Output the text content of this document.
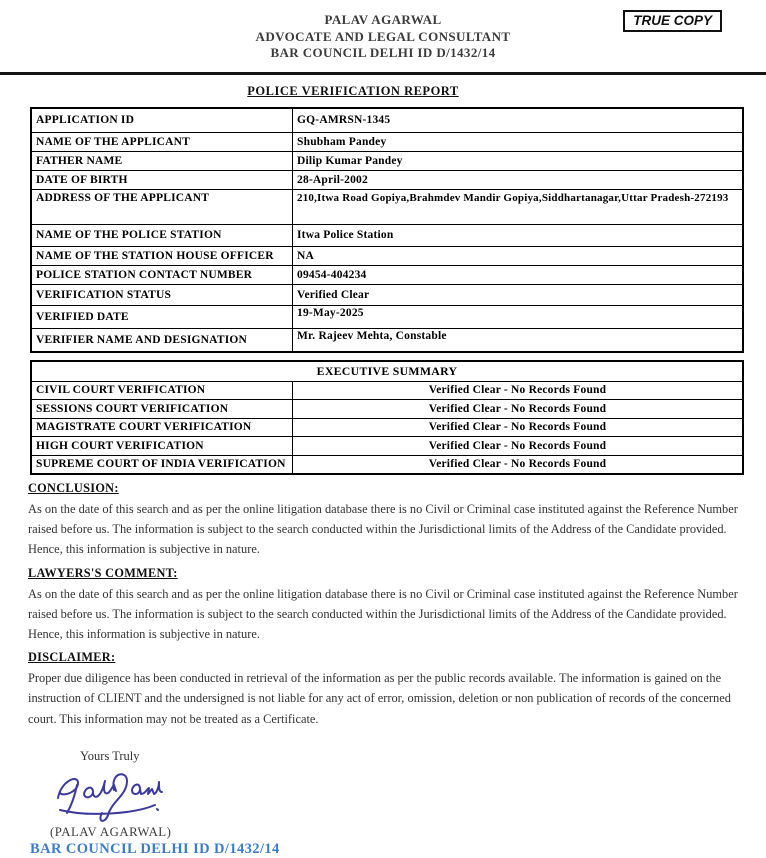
PALAV AGARWAL
ADVOCATE AND LEGAL CONSULTANT
BAR COUNCIL DELHI ID D/1432/14
TRUE COPY
POLICE VERIFICATION REPORT
APPLICATION ID	GQ-AMRSN-1345
NAME OF THE APPLICANT	Shubham Pandey
FATHER NAME	Dilip Kumar Pandey
DATE OF BIRTH	28-April-2002
ADDRESS OF THE APPLICANT	210,Itwa Road Gopiya,Brahmdev Mandir Gopiya,Siddhartanagar,Uttar Pradesh-272193
NAME OF THE POLICE STATION	Itwa Police Station
NAME OF THE STATION HOUSE OFFICER	NA
POLICE STATION CONTACT NUMBER	09454-404234
VERIFICATION STATUS	Verified Clear
VERIFIED DATE	19-May-2025
VERIFIER NAME AND DESIGNATION	Mr. Rajeev Mehta, Constable
EXECUTIVE SUMMARY
CIVIL COURT VERIFICATION	Verified Clear - No Records Found
SESSIONS COURT VERIFICATION	Verified Clear - No Records Found
MAGISTRATE COURT VERIFICATION	Verified Clear - No Records Found
HIGH COURT VERIFICATION	Verified Clear - No Records Found
SUPREME COURT OF INDIA VERIFICATION	Verified Clear - No Records Found
CONCLUSION:
As on the date of this search and as per the online litigation database there is no Civil or Criminal case instituted against the Reference Number raised before us. The information is subject to the search conducted within the Jurisdictional limits of the Address of the Candidate provided. Hence, this information is subjective in nature.
LAWYERS'S COMMENT:
As on the date of this search and as per the online litigation database there is no Civil or Criminal case instituted against the Reference Number raised before us. The information is subject to the search conducted within the Jurisdictional limits of the Address of the Candidate provided. Hence, this information is subjective in nature.
DISCLAIMER:
Proper due diligence has been conducted in retrieval of the information as per the public records available. The information is gained on the instruction of CLIENT and the undersigned is not liable for any act of error, omission, deletion or non publication of records of the concerned court. This information may not be treated as a Certificate.
Yours Truly
(PALAV AGARWAL)
BAR COUNCIL DELHI ID D/1432/14
